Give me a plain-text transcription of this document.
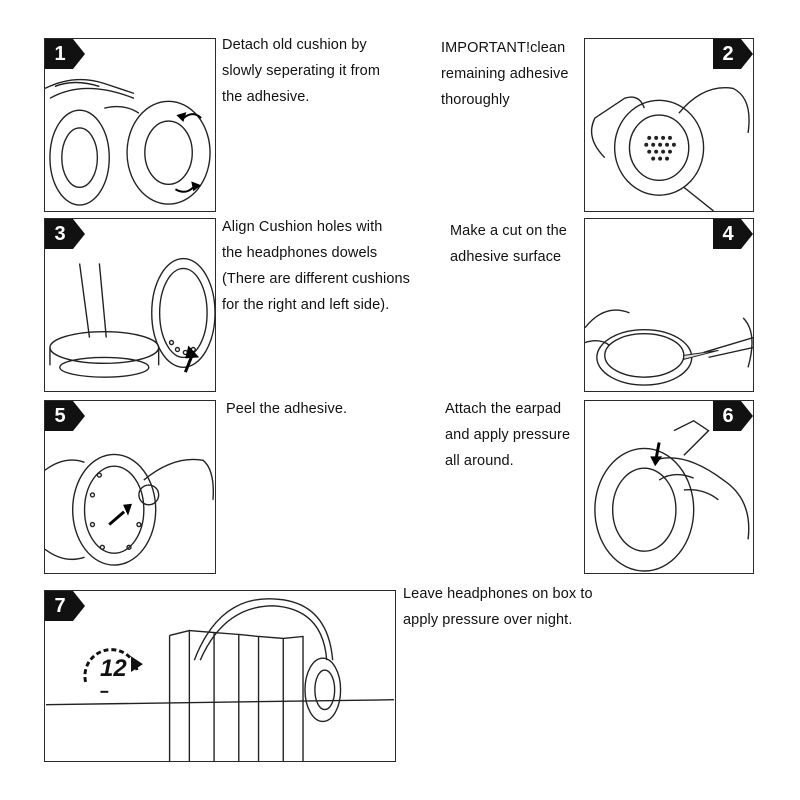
1	Detach old cushion by
slowly seperating it from
the adhesive.
IMPORTANT!clean
remaining adhesive
thoroughly
2
3	Align Cushion holes with
the headphones dowels
(There are different cushions
for the right and left side).
Make a cut on the
adhesive surface
4
5	Peel the adhesive.	Attach the earpad
and apply pressure
all around.
6
12
7
Leave headphones on box to
apply pressure over night.
